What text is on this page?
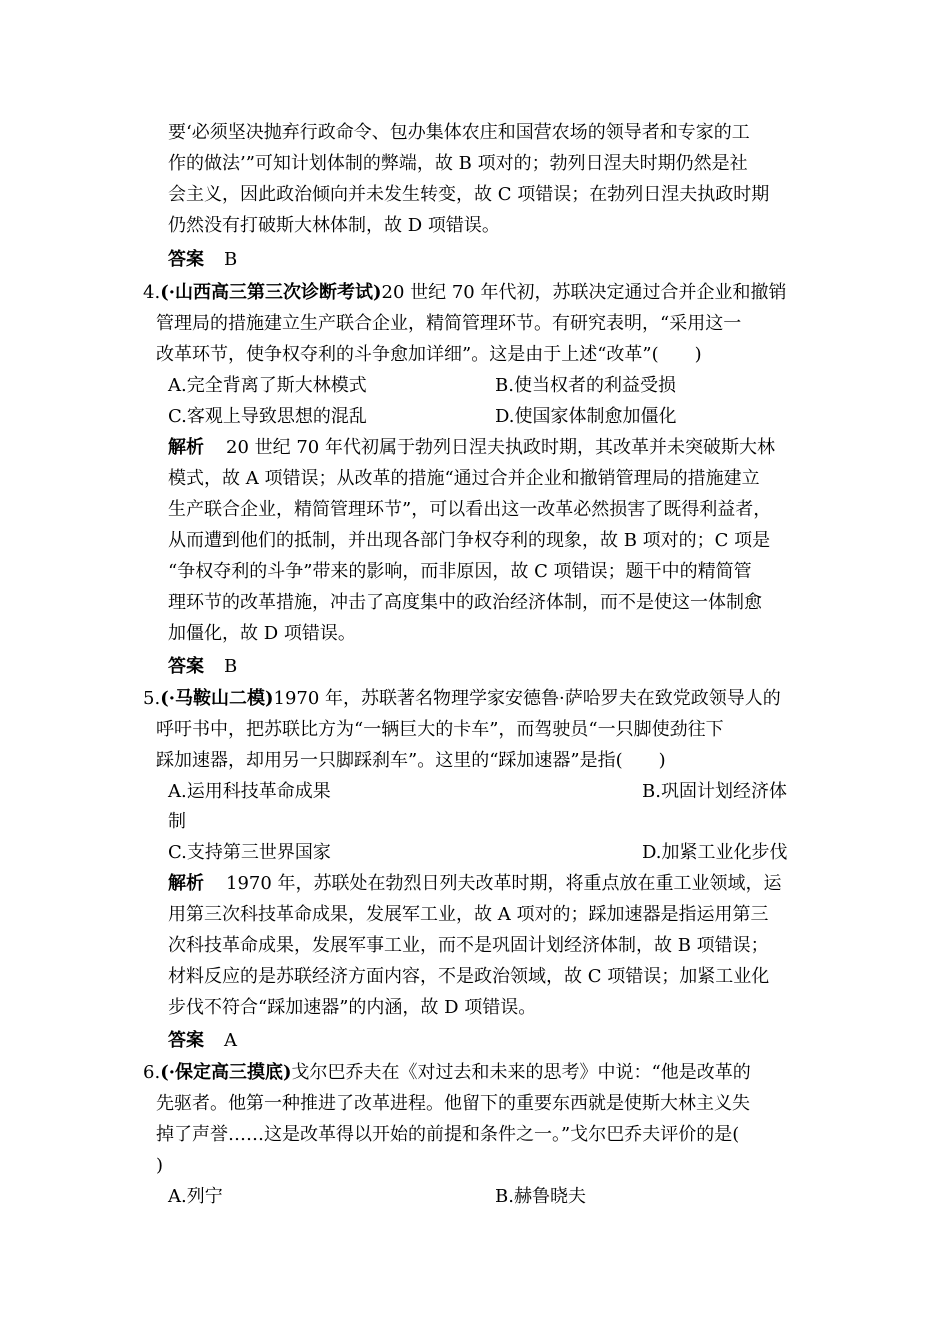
要‘必须坚决抛弃行政命令、包办集体农庄和国营农场的领导者和专家的工
作的做法’”可知计划体制的弊端，故 B 项对的；勃列日涅夫时期仍然是社
会主义，因此政治倾向并未发生转变，故 C 项错误；在勃列日涅夫执政时期
仍然没有打破斯大林体制，故 D 项错误。
答案 B
4.(·山西高三第三次诊断考试)20 世纪 70 年代初，苏联决定通过合并企业和撤销
管理局的措施建立生产联合企业，精简管理环节。有研究表明，“采用这一
改革环节，使争权夺利的斗争愈加详细”。这是由于上述“改革”(　　)
A.完全背离了斯大林模式	B.使当权者的利益受损
C.客观上导致思想的混乱	D.使国家体制愈加僵化
解析 20 世纪 70 年代初属于勃列日涅夫执政时期，其改革并未突破斯大林
模式，故 A 项错误；从改革的措施“通过合并企业和撤销管理局的措施建立
生产联合企业，精简管理环节”，可以看出这一改革必然损害了既得利益者，
从而遭到他们的抵制，并出现各部门争权夺利的现象，故 B 项对的；C 项是
“争权夺利的斗争”带来的影响，而非原因，故 C 项错误；题干中的精简管
理环节的改革措施，冲击了高度集中的政治经济体制，而不是使这一体制愈
加僵化，故 D 项错误。
答案 B
5.(·马鞍山二模)1970 年，苏联著名物理学家安德鲁·萨哈罗夫在致党政领导人的
呼吁书中，把苏联比方为“一辆巨大的卡车”，而驾驶员“一只脚使劲往下
踩加速器，却用另一只脚踩刹车”。这里的“踩加速器”是指(　　)
A.运用科技革命成果	B.巩固计划经济体
制
C.支持第三世界国家	D.加紧工业化步伐
解析 1970 年，苏联处在勃烈日列夫改革时期，将重点放在重工业领域，运
用第三次科技革命成果，发展军工业，故 A 项对的；踩加速器是指运用第三
次科技革命成果，发展军事工业，而不是巩固计划经济体制，故 B 项错误；
材料反应的是苏联经济方面内容，不是政治领域，故 C 项错误；加紧工业化
步伐不符合“踩加速器”的内涵，故 D 项错误。
答案 A
6.(·保定高三摸底)戈尔巴乔夫在《对过去和未来的思考》中说：“他是改革的
先驱者。他第一种推进了改革进程。他留下的重要东西就是使斯大林主义失
掉了声誉……这是改革得以开始的前提和条件之一。”戈尔巴乔夫评价的是(
)
A.列宁	B.赫鲁晓夫
